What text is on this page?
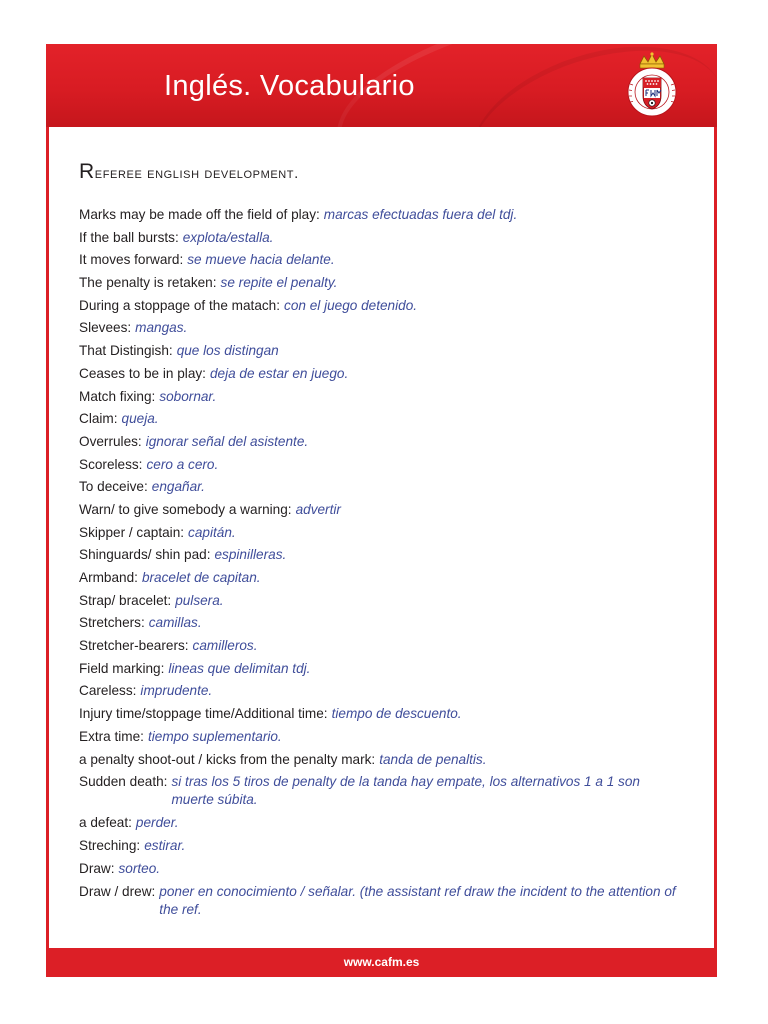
Inglés. Vocabulario
www.cafm.es
Referee english development.
Marks may be made off the field of play: marcas efectuadas fuera del tdj.
If the ball bursts: explota/estalla.
It moves forward: se mueve hacia delante.
The penalty is retaken: se repite el penalty.
During a stoppage of the matach: con el juego detenido.
Slevees: mangas.
That Distingish: que los distingan
Ceases to be in play: deja de estar en juego.
Match fixing: sobornar.
Claim: queja.
Overrules: ignorar señal del asistente.
Scoreless: cero a cero.
To deceive: engañar.
Warn/ to give somebody a warning: advertir
Skipper / captain: capitán.
Shinguards/ shin pad: espinilleras.
Armband: bracelet de capitan.
Strap/ bracelet: pulsera.
Stretchers: camillas.
Stretcher-bearers: camilleros.
Field marking: lineas que delimitan tdj.
Careless: imprudente.
Injury time/stoppage time/Additional time: tiempo de descuento.
Extra time: tiempo suplementario.
a penalty shoot-out / kicks from the penalty mark: tanda de penaltis.
Sudden death: si tras los 5 tiros de penalty de la tanda hay empate, los alternativos 1 a 1 son muerte súbita.
a defeat: perder.
Streching: estirar.
Draw: sorteo.
Draw / drew: poner en conocimiento / señalar. (the assistant ref draw the incident to the attention of the ref.
